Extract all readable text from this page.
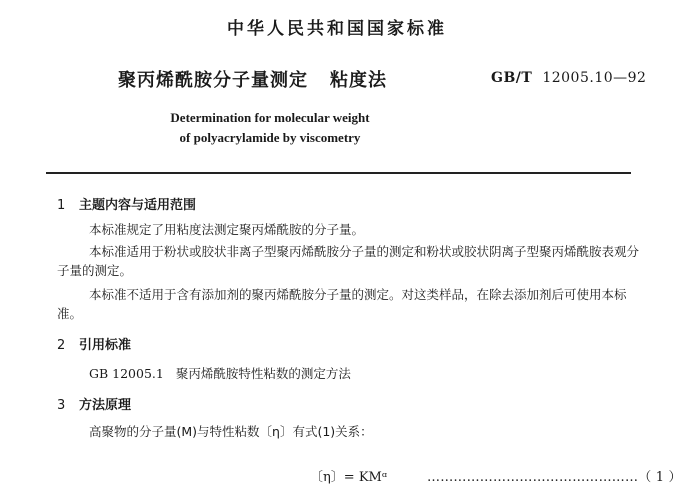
中华人民共和国国家标准
聚丙烯酰胺分子量测定 粘度法	GB/T 12005.10—92
Determination for molecular weight
of polyacrylamide by viscometry
1 主题内容与适用范围
本标准规定了用粘度法测定聚丙烯酰胺的分子量。
本标准适用于粉状或胶状非离子型聚丙烯酰胺分子量的测定和粉状或胶状阴离子型聚丙烯酰胺表观分子量的测定。
本标准不适用于含有添加剂的聚丙烯酰胺分子量的测定。对这类样品，在除去添加剂后可使用本标准。
2 引用标准
GB 12005.1 聚丙烯酰胺特性粘数的测定方法
3 方法原理
高聚物的分子量(M)与特性粘数〔η〕有式(1)关系：
〔η〕= KMᵅ	…………………………………………（ 1 ）
